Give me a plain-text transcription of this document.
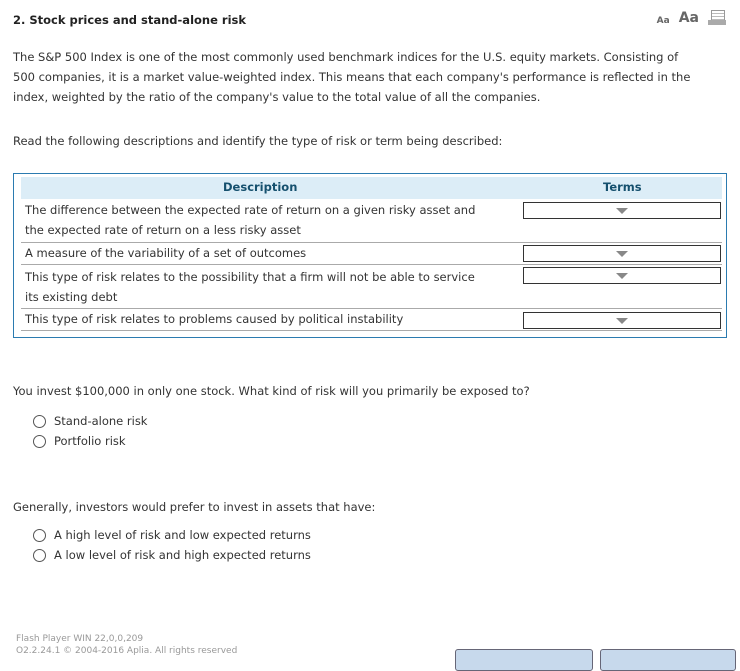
2. Stock prices and stand-alone risk	Aa Aa
The S&P 500 Index is one of the most commonly used benchmark indices for the U.S. equity markets. Consisting of
500 companies, it is a market value-weighted index. This means that each company's performance is reflected in the
index, weighted by the ratio of the company's value to the total value of all the companies.
Read the following descriptions and identify the type of risk or term being described:
Description	Terms
The difference between the expected rate of return on a given risky asset and
the expected rate of return on a less risky asset
A measure of the variability of a set of outcomes
This type of risk relates to the possibility that a firm will not be able to service
its existing debt
This type of risk relates to problems caused by political instability
You invest $100,000 in only one stock. What kind of risk will you primarily be exposed to?
Stand-alone risk
Portfolio risk
Generally, investors would prefer to invest in assets that have:
A high level of risk and low expected returns
A low level of risk and high expected returns
Flash Player WIN 22,0,0,209
O2.2.24.1 © 2004-2016 Aplia. All rights reserved
